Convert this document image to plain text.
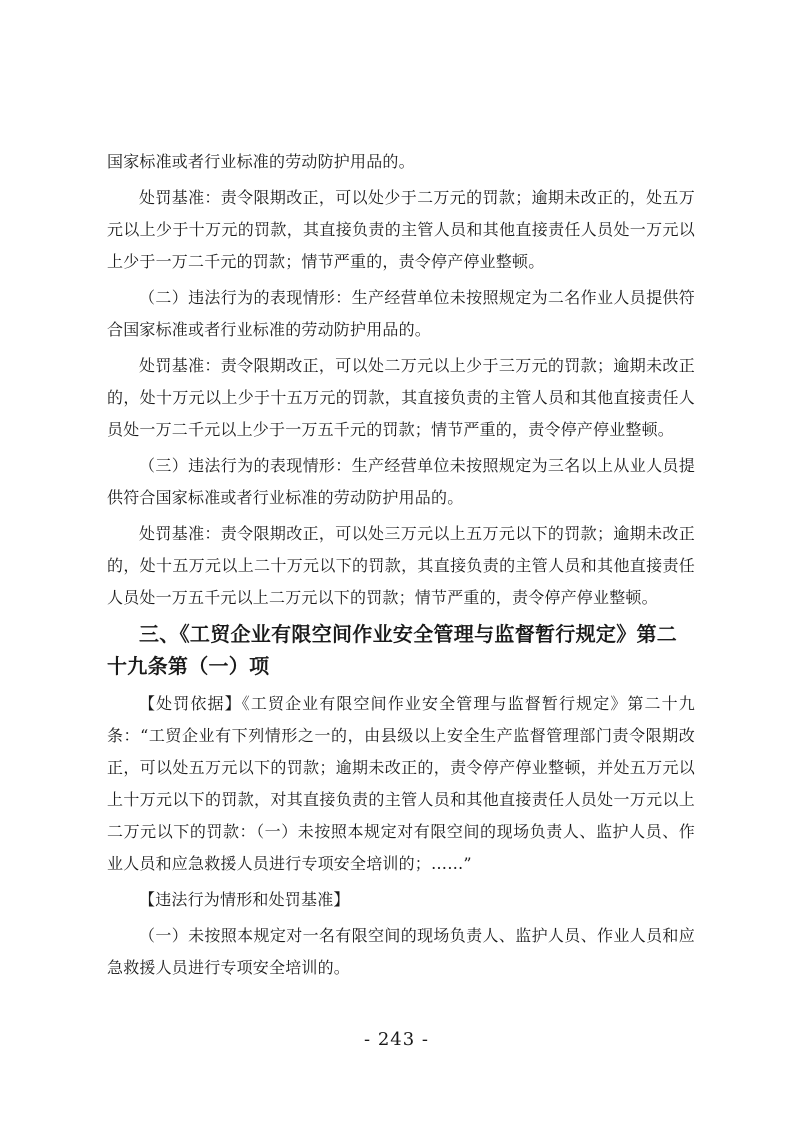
国家标准或者行业标准的劳动防护用品的。

处罚基准：责令限期改正，可以处少于二万元的罚款；逾期未改正的，处五万元以上少于十万元的罚款，其直接负责的主管人员和其他直接责任人员处一万元以上少于一万二千元的罚款；情节严重的，责令停产停业整顿。

（二）违法行为的表现情形：生产经营单位未按照规定为二名作业人员提供符合国家标准或者行业标准的劳动防护用品的。

处罚基准：责令限期改正，可以处二万元以上少于三万元的罚款；逾期未改正的，处十万元以上少于十五万元的罚款，其直接负责的主管人员和其他直接责任人员处一万二千元以上少于一万五千元的罚款；情节严重的，责令停产停业整顿。

（三）违法行为的表现情形：生产经营单位未按照规定为三名以上从业人员提供符合国家标准或者行业标准的劳动防护用品的。

处罚基准：责令限期改正，可以处三万元以上五万元以下的罚款；逾期未改正的，处十五万元以上二十万元以下的罚款，其直接负责的主管人员和其他直接责任人员处一万五千元以上二万元以下的罚款；情节严重的，责令停产停业整顿。

三、《工贸企业有限空间作业安全管理与监督暂行规定》第二十九条第（一）项

【处罚依据】《工贸企业有限空间作业安全管理与监督暂行规定》第二十九条：“工贸企业有下列情形之一的，由县级以上安全生产监督管理部门责令限期改正，可以处五万元以下的罚款；逾期未改正的，责令停产停业整顿，并处五万元以上十万元以下的罚款，对其直接负责的主管人员和其他直接责任人员处一万元以上二万元以下的罚款：（一）未按照本规定对有限空间的现场负责人、监护人员、作业人员和应急救援人员进行专项安全培训的；……”

【违法行为情形和处罚基准】

（一）未按照本规定对一名有限空间的现场负责人、监护人员、作业人员和应急救援人员进行专项安全培训的。

- 243 -
